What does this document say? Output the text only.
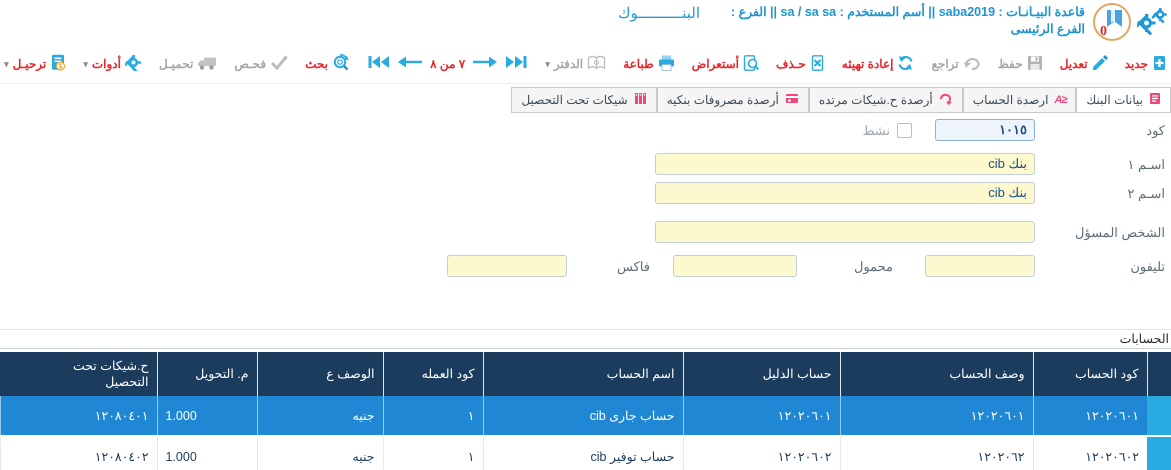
0
قاعدة البيـانـات : saba2019 || أسم المستخدم : sa / sa sa || الفرع :
الفرع الرئيسى
البنــــــــــوك
جديد
تعديل
حفظ
تراجع
إعادة تهيئه
حـذف
أستعراض
طباعة
الدفتر
▾
٧ من ٨
بحث
فحـص
تحميـل
أدوات
▾
$
ترحيـل
▾
بيانات البنك
≤A
ارصدة الحساب
أرصدة ح.شيكات مرتده
أرصدة مصروفات بنكيه
شيكات تحت التحصيل
كود
١٠١٥
نشط
اسـم ١
بنك cib
اسـم ٢
بنك cib
الشخص المسؤل
تليفون
محمول
فاكس
الحسابات
	كود الحساب	وصف الحساب	حساب الدليل	اسم الحساب	كود العمله	الوصف ع	م. التحويل	ح.شيكات تحت التحصيل
	١٢٠٢٠٦٠١	١٢٠٢٠٦٠١	١٢٠٢٠٦٠١	حساب جارى cib	١	جنيه	1.000	١٢٠٨٠٤٠١
	١٢٠٢٠٦٠٢	١٢٠٢٠٦٢	١٢٠٢٠٦٠٢	حساب توفير cib	١	جنيه	1.000	١٢٠٨٠٤٠٢
